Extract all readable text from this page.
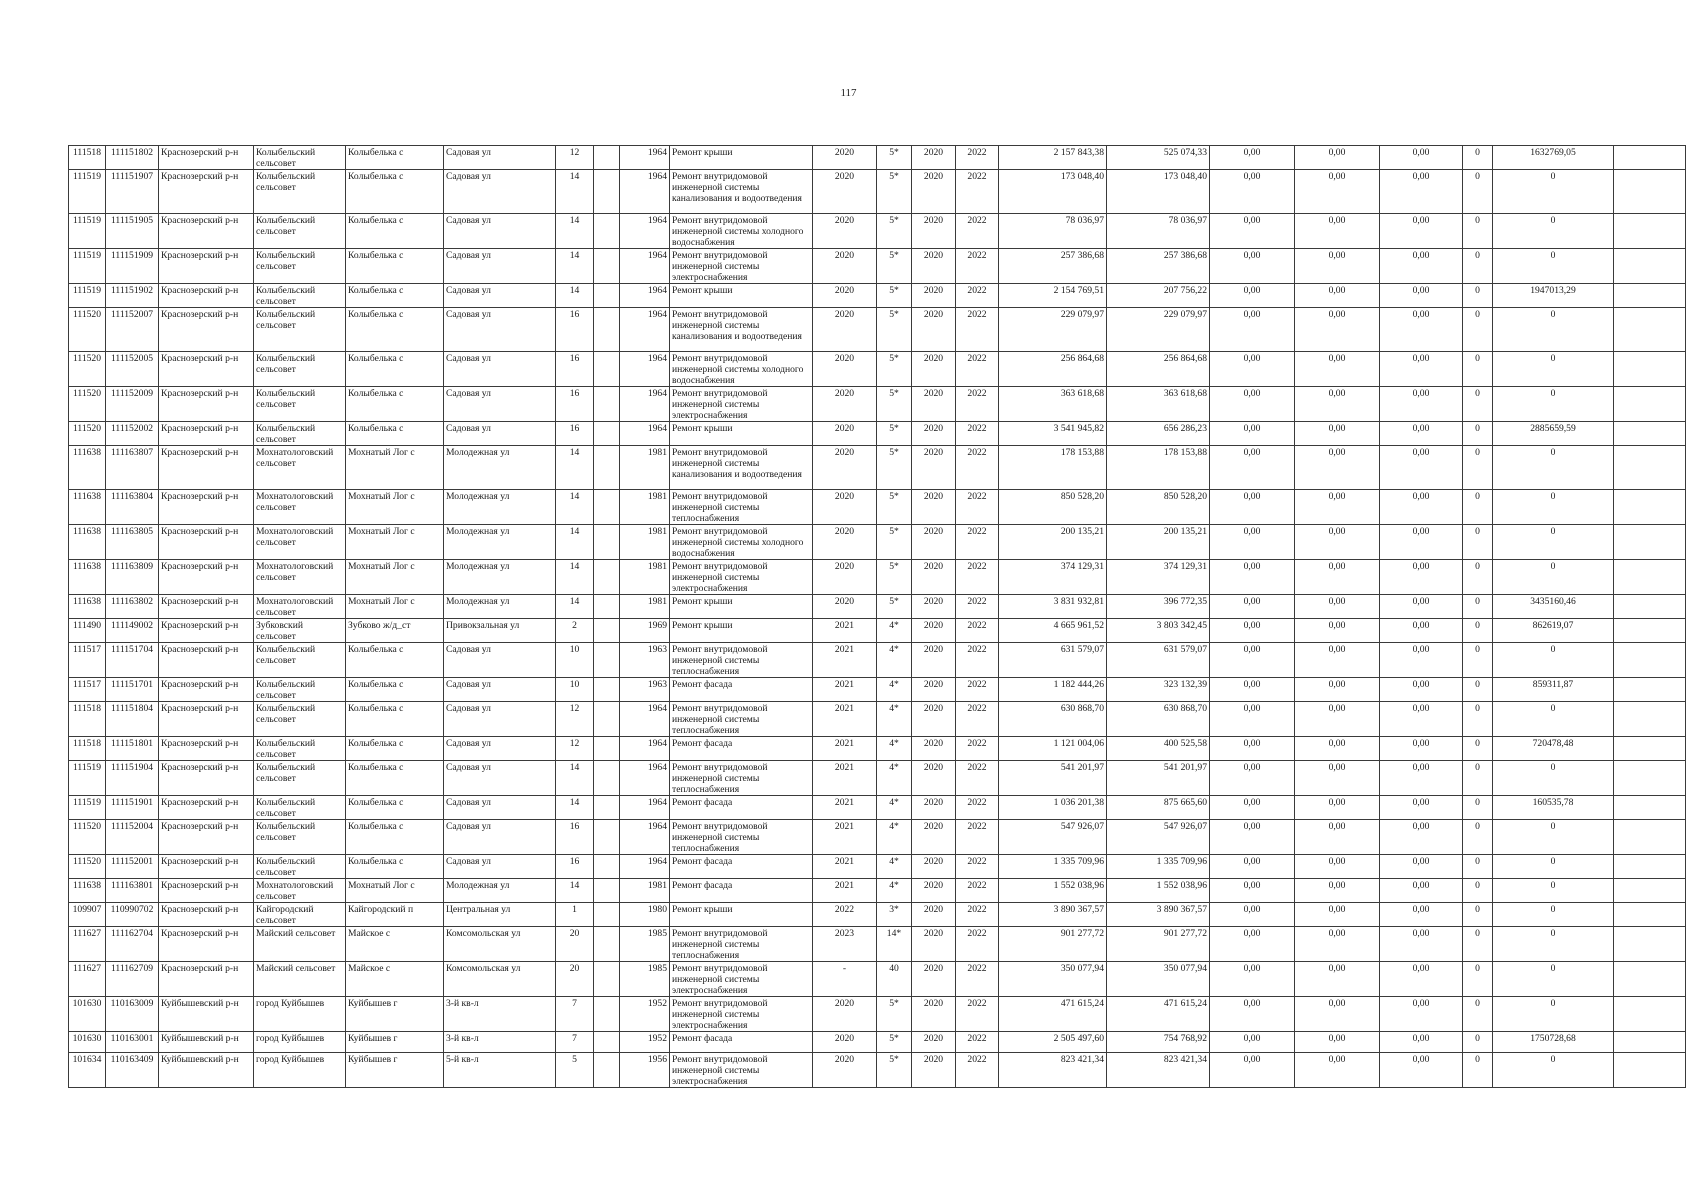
117
111518	111151802	Краснозерский р-н	Колыбельский сельсовет	Колыбелька с	Садовая ул	12		1964	Ремонт крыши	2020	5*	2020	2022	2 157 843,38	525 074,33	0,00	0,00	0,00	0	1632769,05	
111519	111151907	Краснозерский р-н	Колыбельский сельсовет	Колыбелька с	Садовая ул	14		1964	Ремонт внутридомовой инженерной системы канализования и водоотведения	2020	5*	2020	2022	173 048,40	173 048,40	0,00	0,00	0,00	0	0	
111519	111151905	Краснозерский р-н	Колыбельский сельсовет	Колыбелька с	Садовая ул	14		1964	Ремонт внутридомовой инженерной системы холодного водоснабжения	2020	5*	2020	2022	78 036,97	78 036,97	0,00	0,00	0,00	0	0	
111519	111151909	Краснозерский р-н	Колыбельский сельсовет	Колыбелька с	Садовая ул	14		1964	Ремонт внутридомовой инженерной системы электроснабжения	2020	5*	2020	2022	257 386,68	257 386,68	0,00	0,00	0,00	0	0	
111519	111151902	Краснозерский р-н	Колыбельский сельсовет	Колыбелька с	Садовая ул	14		1964	Ремонт крыши	2020	5*	2020	2022	2 154 769,51	207 756,22	0,00	0,00	0,00	0	1947013,29	
111520	111152007	Краснозерский р-н	Колыбельский сельсовет	Колыбелька с	Садовая ул	16		1964	Ремонт внутридомовой инженерной системы канализования и водоотведения	2020	5*	2020	2022	229 079,97	229 079,97	0,00	0,00	0,00	0	0	
111520	111152005	Краснозерский р-н	Колыбельский сельсовет	Колыбелька с	Садовая ул	16		1964	Ремонт внутридомовой инженерной системы холодного водоснабжения	2020	5*	2020	2022	256 864,68	256 864,68	0,00	0,00	0,00	0	0	
111520	111152009	Краснозерский р-н	Колыбельский сельсовет	Колыбелька с	Садовая ул	16		1964	Ремонт внутридомовой инженерной системы электроснабжения	2020	5*	2020	2022	363 618,68	363 618,68	0,00	0,00	0,00	0	0	
111520	111152002	Краснозерский р-н	Колыбельский сельсовет	Колыбелька с	Садовая ул	16		1964	Ремонт крыши	2020	5*	2020	2022	3 541 945,82	656 286,23	0,00	0,00	0,00	0	2885659,59	
111638	111163807	Краснозерский р-н	Мохнатологовский сельсовет	Мохнатый Лог с	Молодежная ул	14		1981	Ремонт внутридомовой инженерной системы канализования и водоотведения	2020	5*	2020	2022	178 153,88	178 153,88	0,00	0,00	0,00	0	0	
111638	111163804	Краснозерский р-н	Мохнатологовский сельсовет	Мохнатый Лог с	Молодежная ул	14		1981	Ремонт внутридомовой инженерной системы теплоснабжения	2020	5*	2020	2022	850 528,20	850 528,20	0,00	0,00	0,00	0	0	
111638	111163805	Краснозерский р-н	Мохнатологовский сельсовет	Мохнатый Лог с	Молодежная ул	14		1981	Ремонт внутридомовой инженерной системы холодного водоснабжения	2020	5*	2020	2022	200 135,21	200 135,21	0,00	0,00	0,00	0	0	
111638	111163809	Краснозерский р-н	Мохнатологовский сельсовет	Мохнатый Лог с	Молодежная ул	14		1981	Ремонт внутридомовой инженерной системы электроснабжения	2020	5*	2020	2022	374 129,31	374 129,31	0,00	0,00	0,00	0	0	
111638	111163802	Краснозерский р-н	Мохнатологовский сельсовет	Мохнатый Лог с	Молодежная ул	14		1981	Ремонт крыши	2020	5*	2020	2022	3 831 932,81	396 772,35	0,00	0,00	0,00	0	3435160,46	
111490	111149002	Краснозерский р-н	Зубковский сельсовет	Зубково ж/д_ст	Привокзальная ул	2		1969	Ремонт крыши	2021	4*	2020	2022	4 665 961,52	3 803 342,45	0,00	0,00	0,00	0	862619,07	
111517	111151704	Краснозерский р-н	Колыбельский сельсовет	Колыбелька с	Садовая ул	10		1963	Ремонт внутридомовой инженерной системы теплоснабжения	2021	4*	2020	2022	631 579,07	631 579,07	0,00	0,00	0,00	0	0	
111517	111151701	Краснозерский р-н	Колыбельский сельсовет	Колыбелька с	Садовая ул	10		1963	Ремонт фасада	2021	4*	2020	2022	1 182 444,26	323 132,39	0,00	0,00	0,00	0	859311,87	
111518	111151804	Краснозерский р-н	Колыбельский сельсовет	Колыбелька с	Садовая ул	12		1964	Ремонт внутридомовой инженерной системы теплоснабжения	2021	4*	2020	2022	630 868,70	630 868,70	0,00	0,00	0,00	0	0	
111518	111151801	Краснозерский р-н	Колыбельский сельсовет	Колыбелька с	Садовая ул	12		1964	Ремонт фасада	2021	4*	2020	2022	1 121 004,06	400 525,58	0,00	0,00	0,00	0	720478,48	
111519	111151904	Краснозерский р-н	Колыбельский сельсовет	Колыбелька с	Садовая ул	14		1964	Ремонт внутридомовой инженерной системы теплоснабжения	2021	4*	2020	2022	541 201,97	541 201,97	0,00	0,00	0,00	0	0	
111519	111151901	Краснозерский р-н	Колыбельский сельсовет	Колыбелька с	Садовая ул	14		1964	Ремонт фасада	2021	4*	2020	2022	1 036 201,38	875 665,60	0,00	0,00	0,00	0	160535,78	
111520	111152004	Краснозерский р-н	Колыбельский сельсовет	Колыбелька с	Садовая ул	16		1964	Ремонт внутридомовой инженерной системы теплоснабжения	2021	4*	2020	2022	547 926,07	547 926,07	0,00	0,00	0,00	0	0	
111520	111152001	Краснозерский р-н	Колыбельский сельсовет	Колыбелька с	Садовая ул	16		1964	Ремонт фасада	2021	4*	2020	2022	1 335 709,96	1 335 709,96	0,00	0,00	0,00	0	0	
111638	111163801	Краснозерский р-н	Мохнатологовский сельсовет	Мохнатый Лог с	Молодежная ул	14		1981	Ремонт фасада	2021	4*	2020	2022	1 552 038,96	1 552 038,96	0,00	0,00	0,00	0	0	
109907	110990702	Краснозерский р-н	Кайгородский сельсовет	Кайгородский п	Центральная ул	1		1980	Ремонт крыши	2022	3*	2020	2022	3 890 367,57	3 890 367,57	0,00	0,00	0,00	0	0	
111627	111162704	Краснозерский р-н	Майский сельсовет	Майское с	Комсомольская ул	20		1985	Ремонт внутридомовой инженерной системы теплоснабжения	2023	14*	2020	2022	901 277,72	901 277,72	0,00	0,00	0,00	0	0	
111627	111162709	Краснозерский р-н	Майский сельсовет	Майское с	Комсомольская ул	20		1985	Ремонт внутридомовой инженерной системы электроснабжения	-	40	2020	2022	350 077,94	350 077,94	0,00	0,00	0,00	0	0	
101630	110163009	Куйбышевский р-н	город Куйбышев	Куйбышев г	3-й кв-л	7		1952	Ремонт внутридомовой инженерной системы электроснабжения	2020	5*	2020	2022	471 615,24	471 615,24	0,00	0,00	0,00	0	0	
101630	110163001	Куйбышевский р-н	город Куйбышев	Куйбышев г	3-й кв-л	7		1952	Ремонт фасада	2020	5*	2020	2022	2 505 497,60	754 768,92	0,00	0,00	0,00	0	1750728,68	
101634	110163409	Куйбышевский р-н	город Куйбышев	Куйбышев г	5-й кв-л	5		1956	Ремонт внутридомовой инженерной системы электроснабжения	2020	5*	2020	2022	823 421,34	823 421,34	0,00	0,00	0,00	0	0	
